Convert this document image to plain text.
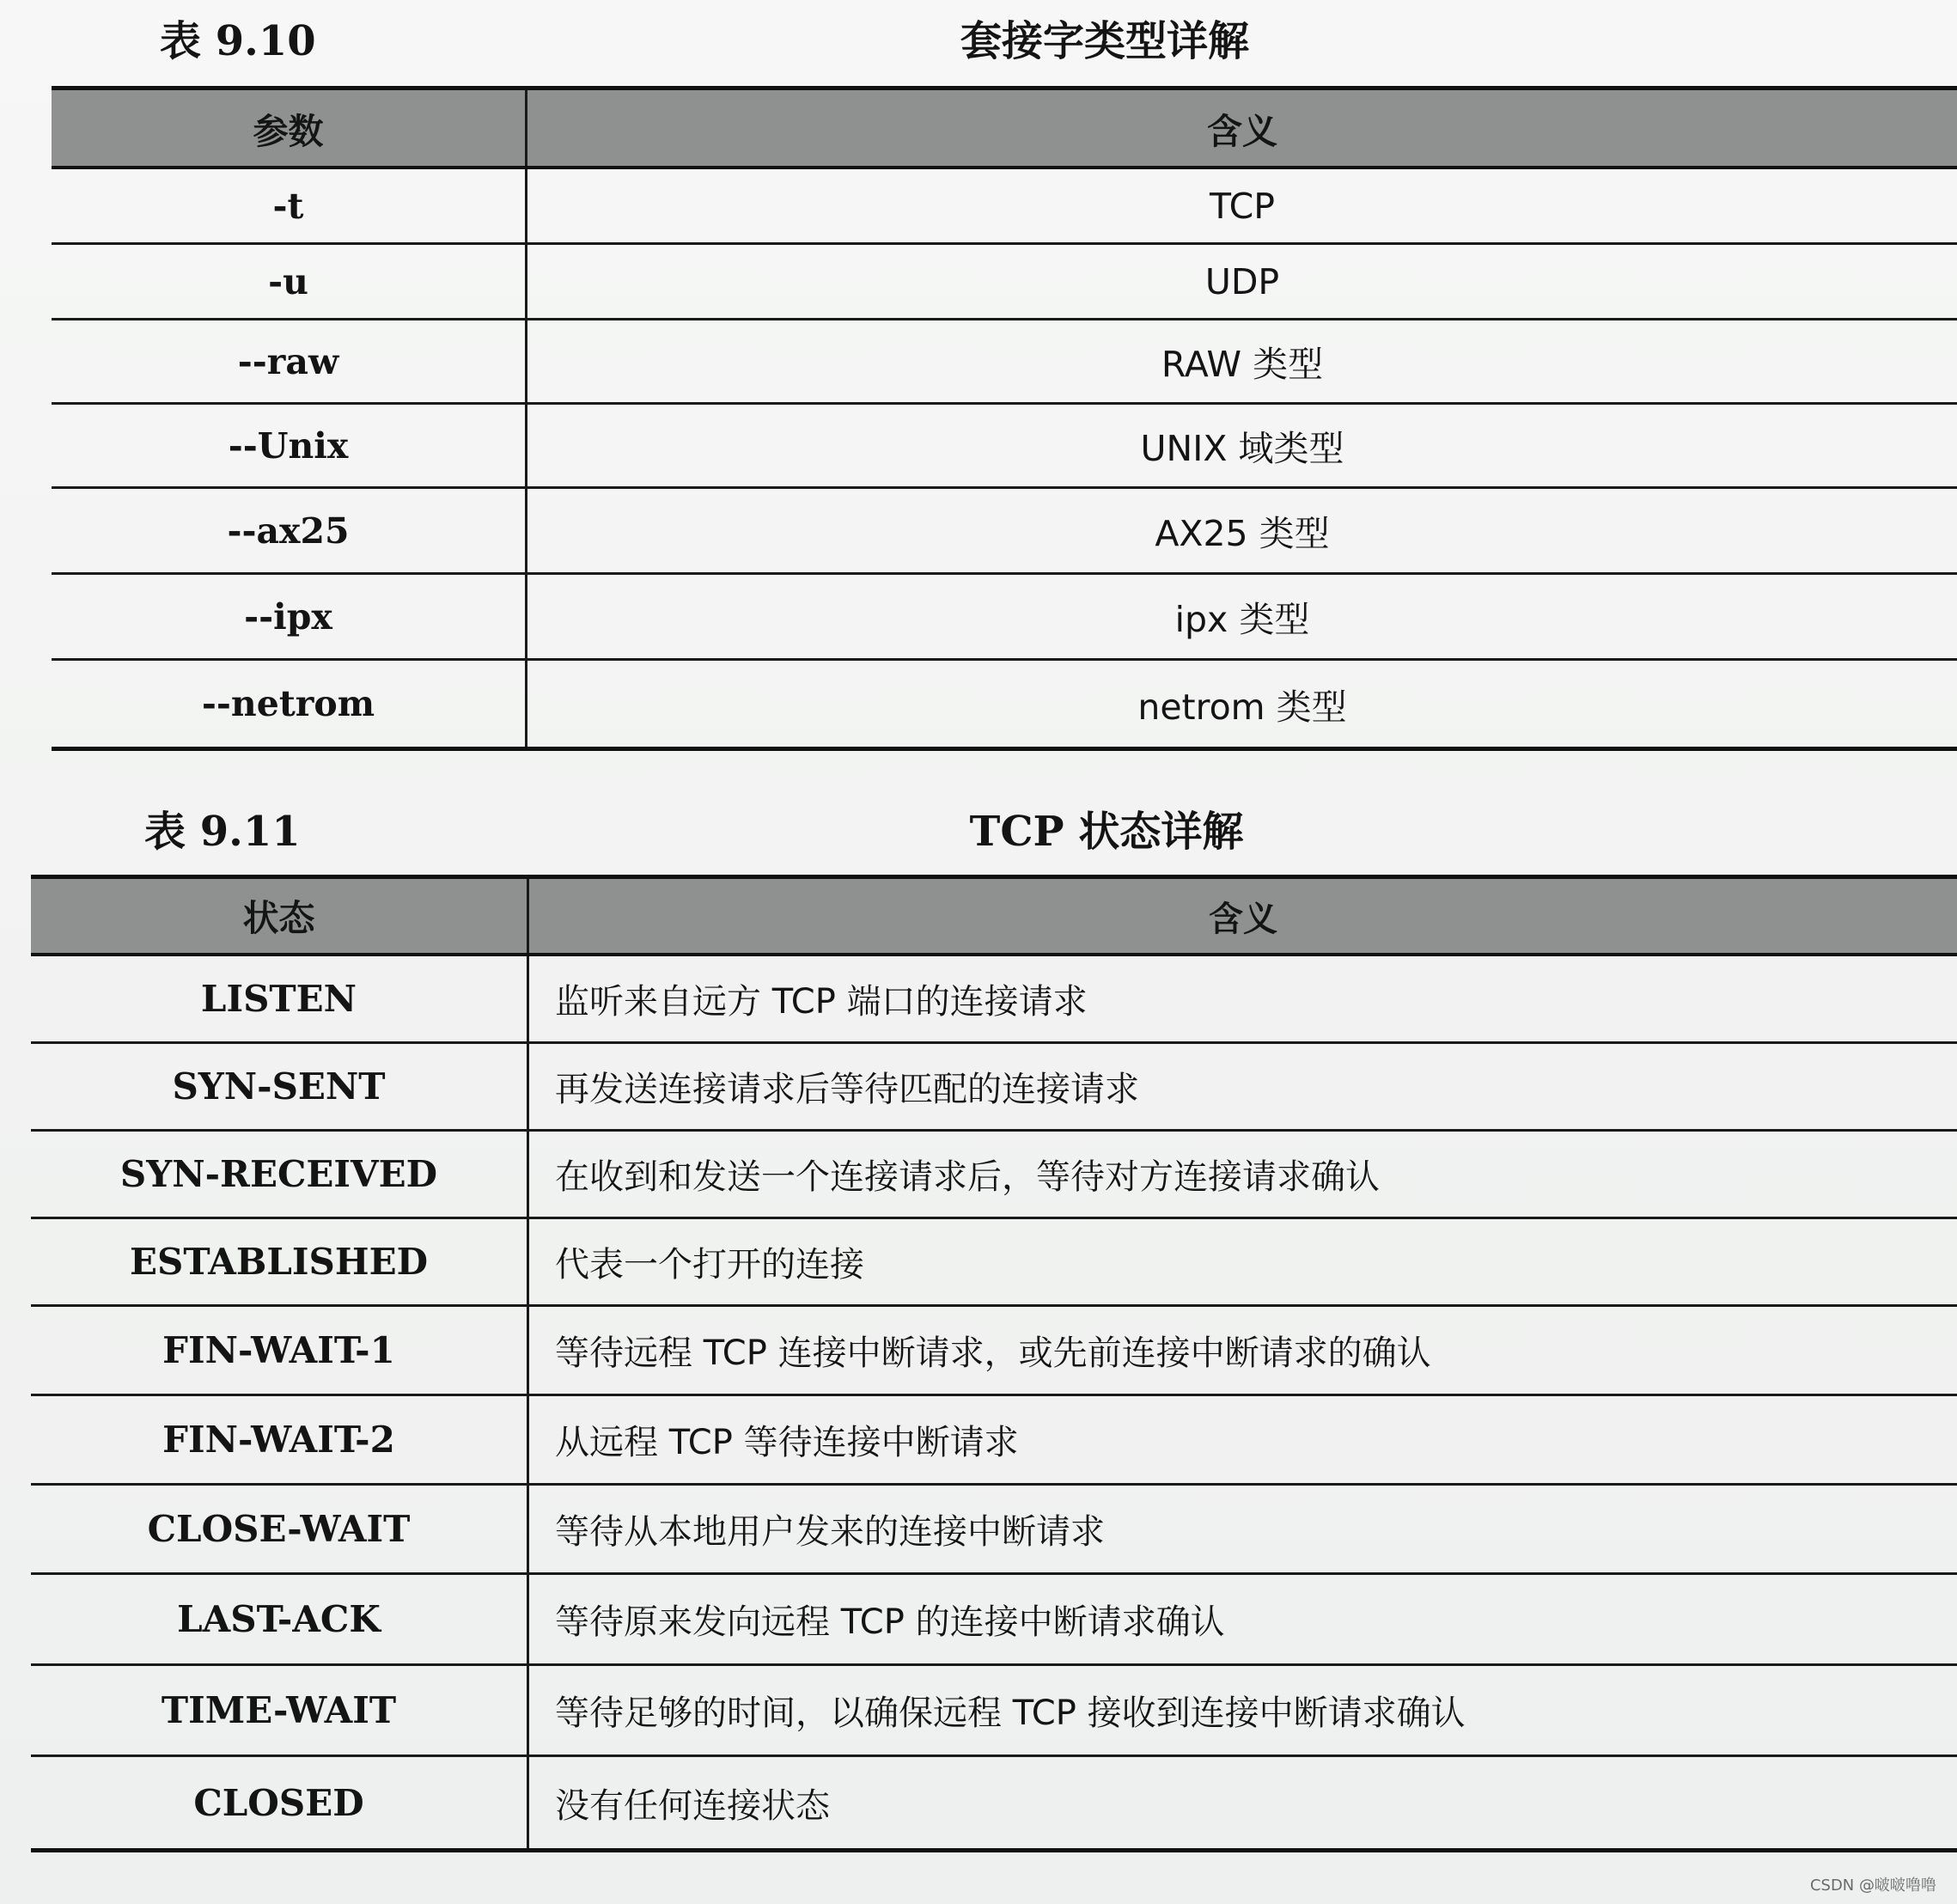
表 9.10	套接字类型详解
参数	含义
-t	TCP
-u	UDP
--raw	RAW 类型
--Unix	UNIX 域类型
--ax25	AX25 类型
--ipx	ipx 类型
--netrom	netrom 类型
表 9.11	TCP 状态详解
状态	含义
LISTEN	监听来自远方 TCP 端口的连接请求
SYN-SENT	再发送连接请求后等待匹配的连接请求
SYN-RECEIVED	在收到和发送一个连接请求后，等待对方连接请求确认
ESTABLISHED	代表一个打开的连接
FIN-WAIT-1	等待远程 TCP 连接中断请求，或先前连接中断请求的确认
FIN-WAIT-2	从远程 TCP 等待连接中断请求
CLOSE-WAIT	等待从本地用户发来的连接中断请求
LAST-ACK	等待原来发向远程 TCP 的连接中断请求确认
TIME-WAIT	等待足够的时间，以确保远程 TCP 接收到连接中断请求确认
CLOSED	没有任何连接状态
CSDN @啵啵噜噜
